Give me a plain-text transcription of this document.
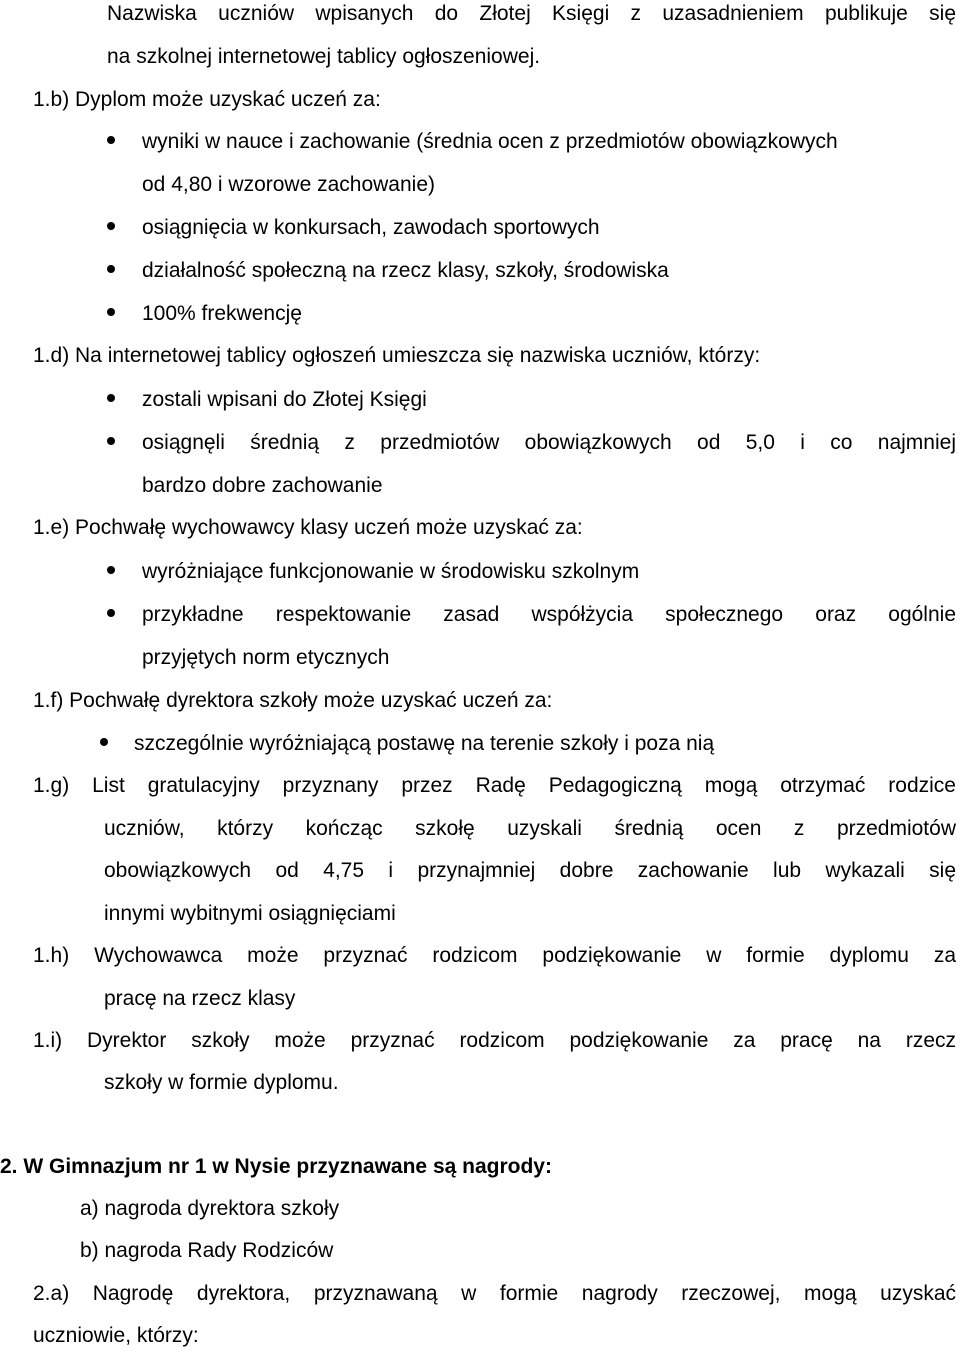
Nazwiska uczniów wpisanych do Złotej Księgi z uzasadnieniem publikuje się
na szkolnej internetowej tablicy ogłoszeniowej.
1.b) Dyplom może uzyskać uczeń za:
wyniki w nauce i zachowanie (średnia ocen z przedmiotów obowiązkowych
od 4,80 i wzorowe zachowanie)
osiągnięcia w konkursach, zawodach sportowych
działalność społeczną na rzecz klasy, szkoły, środowiska
100% frekwencję
1.d) Na internetowej tablicy ogłoszeń umieszcza się nazwiska uczniów, którzy:
zostali wpisani do Złotej Księgi
osiągnęli średnią z przedmiotów obowiązkowych od 5,0 i co najmniej
bardzo dobre zachowanie
1.e) Pochwałę wychowawcy klasy uczeń może uzyskać za:
wyróżniające funkcjonowanie w środowisku szkolnym
przykładne respektowanie zasad współżycia społecznego oraz ogólnie
przyjętych norm etycznych
1.f) Pochwałę dyrektora szkoły może uzyskać uczeń za:
szczególnie wyróżniającą postawę na terenie szkoły i poza nią
1.g) List gratulacyjny przyznany przez Radę Pedagogiczną mogą otrzymać rodzice
uczniów, którzy kończąc szkołę uzyskali średnią ocen z przedmiotów
obowiązkowych od 4,75 i przynajmniej dobre zachowanie lub wykazali się
innymi wybitnymi osiągnięciami
1.h) Wychowawca może przyznać rodzicom podziękowanie w formie dyplomu za
pracę na rzecz klasy
1.i) Dyrektor szkoły może przyznać rodzicom podziękowanie za pracę na rzecz
szkoły w formie dyplomu.
2. W Gimnazjum nr 1 w Nysie przyznawane są nagrody:
a) nagroda dyrektora szkoły
b) nagroda Rady Rodziców
2.a) Nagrodę dyrektora, przyznawaną w formie nagrody rzeczowej, mogą uzyskać
uczniowie, którzy:
